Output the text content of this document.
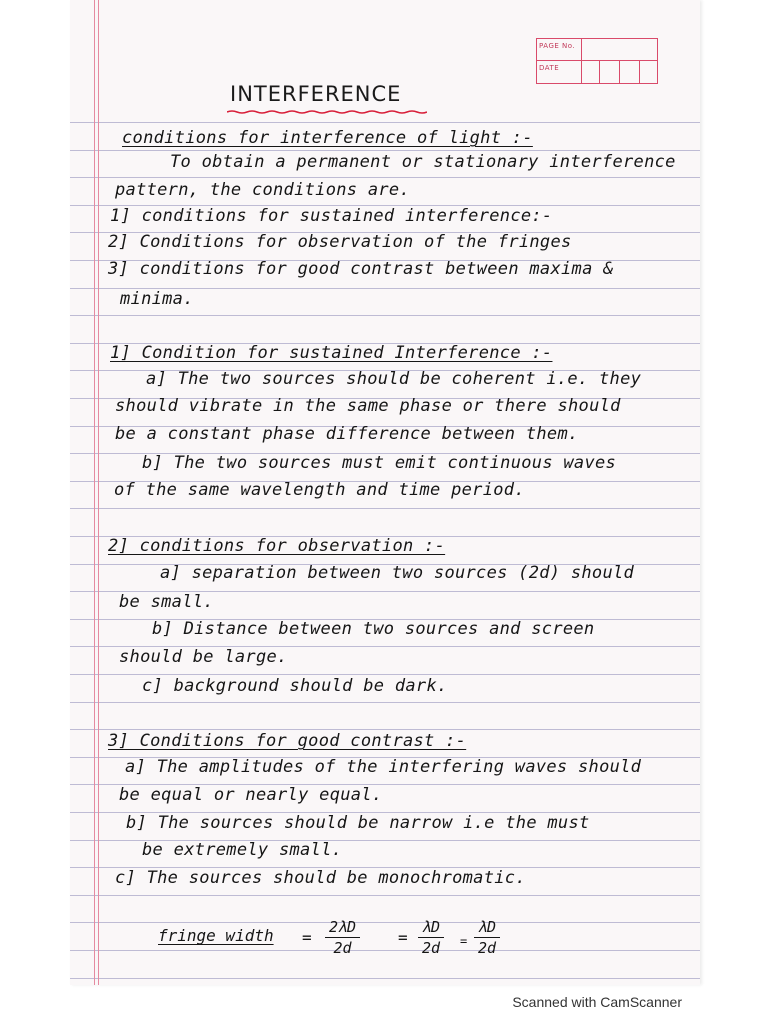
PAGE No.
DATE
INTERFERENCE
conditions for interference of light :-
To obtain a permanent or stationary interference
pattern, the conditions are.
1] conditions for sustained interference:-
2] Conditions for observation of the fringes
3] conditions for good contrast between maxima &
minima.
1] Condition for sustained Interference :-
a] The two sources should be coherent i.e. they
should vibrate in the same phase or there should
be a constant phase difference between them.
b] The two sources must emit continuous waves
of the same wavelength and time period.
2] conditions for observation :-
a] separation between two sources (2d) should
be small.
b] Distance between two sources and screen
should be large.
c] background should be dark.
3] Conditions for good contrast :-
a] The amplitudes of the interfering waves should
be equal or nearly equal.
b] The sources should be narrow i.e the must
be extremely small.
c] The sources should be monochromatic.
fringe width = $\frac{2\lambda D}{2d} = \frac{\lambda D}{2d} = \frac{\lambda D}{2d}$
Scanned with CamScanner
